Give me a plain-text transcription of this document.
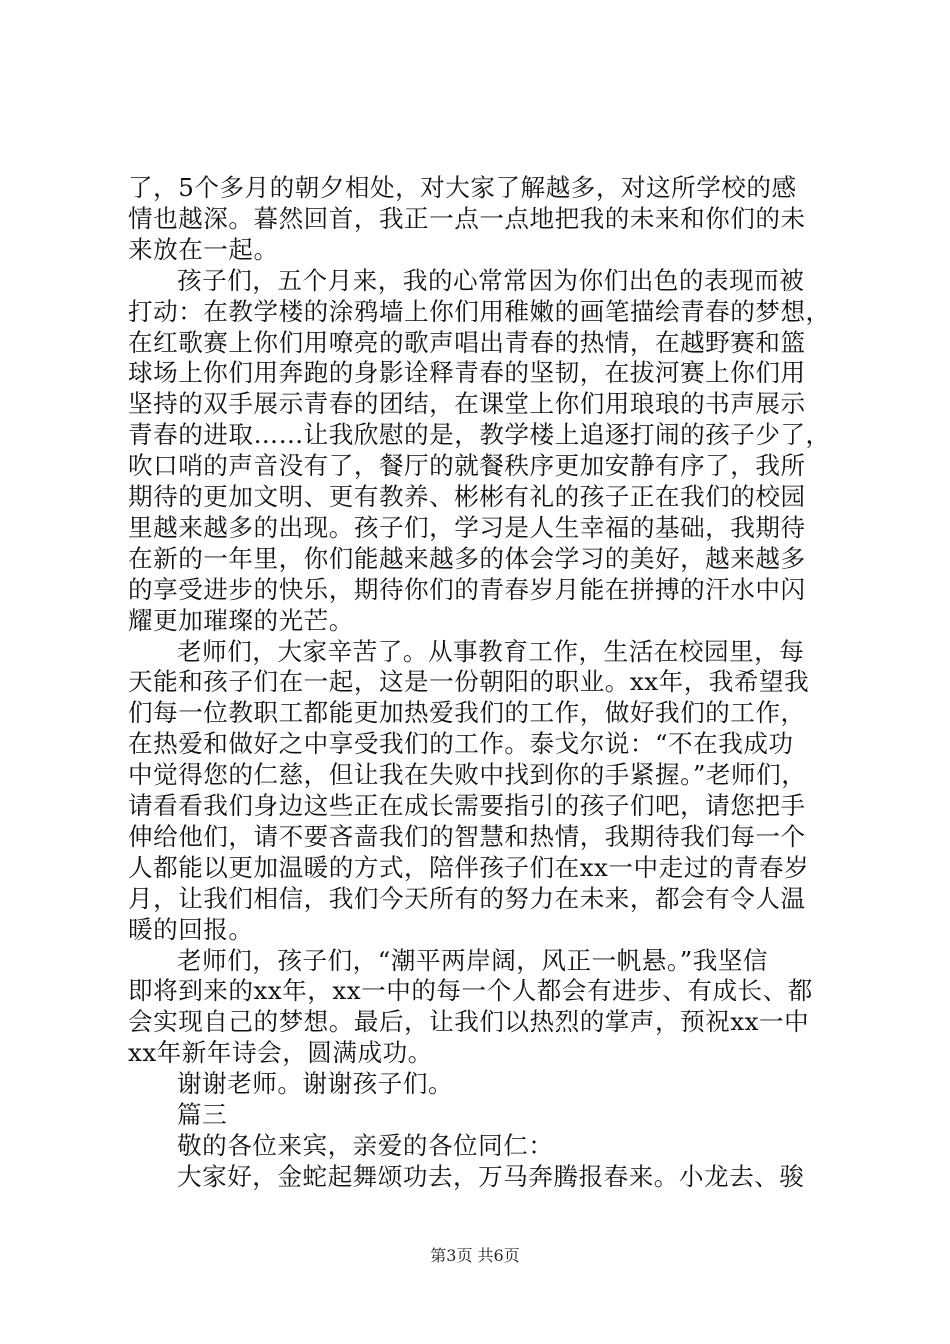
了，5个多月的朝夕相处，对大家了解越多，对这所学校的感
情也越深。暮然回首，我正一点一点地把我的未来和你们的未
来放在一起。
孩子们，五个月来，我的心常常因为你们出色的表现而被
打动：在教学楼的涂鸦墙上你们用稚嫩的画笔描绘青春的梦想，
在红歌赛上你们用嘹亮的歌声唱出青春的热情，在越野赛和篮
球场上你们用奔跑的身影诠释青春的坚韧，在拔河赛上你们用
坚持的双手展示青春的团结，在课堂上你们用琅琅的书声展示
青春的进取……让我欣慰的是，教学楼上追逐打闹的孩子少了，
吹口哨的声音没有了，餐厅的就餐秩序更加安静有序了，我所
期待的更加文明、更有教养、彬彬有礼的孩子正在我们的校园
里越来越多的出现。孩子们，学习是人生幸福的基础，我期待
在新的一年里，你们能越来越多的体会学习的美好，越来越多
的享受进步的快乐，期待你们的青春岁月能在拼搏的汗水中闪
耀更加璀璨的光芒。
老师们，大家辛苦了。从事教育工作，生活在校园里，每
天能和孩子们在一起，这是一份朝阳的职业。xx年，我希望我
们每一位教职工都能更加热爱我们的工作，做好我们的工作，
在热爱和做好之中享受我们的工作。泰戈尔说：“不在我成功
中觉得您的仁慈，但让我在失败中找到你的手紧握。”老师们，
请看看我们身边这些正在成长需要指引的孩子们吧，请您把手
伸给他们，请不要吝啬我们的智慧和热情，我期待我们每一个
人都能以更加温暖的方式，陪伴孩子们在xx一中走过的青春岁
月，让我们相信，我们今天所有的努力在未来，都会有令人温
暖的回报。
老师们，孩子们，“潮平两岸阔，风正一帆悬。”我坚信
即将到来的xx年，xx一中的每一个人都会有进步、有成长、都
会实现自己的梦想。最后，让我们以热烈的掌声，预祝xx一中
xx年新年诗会，圆满成功。
谢谢老师。谢谢孩子们。
篇三
敬的各位来宾，亲爱的各位同仁：
大家好，金蛇起舞颂功去，万马奔腾报春来。小龙去、骏
第3页 共6页
